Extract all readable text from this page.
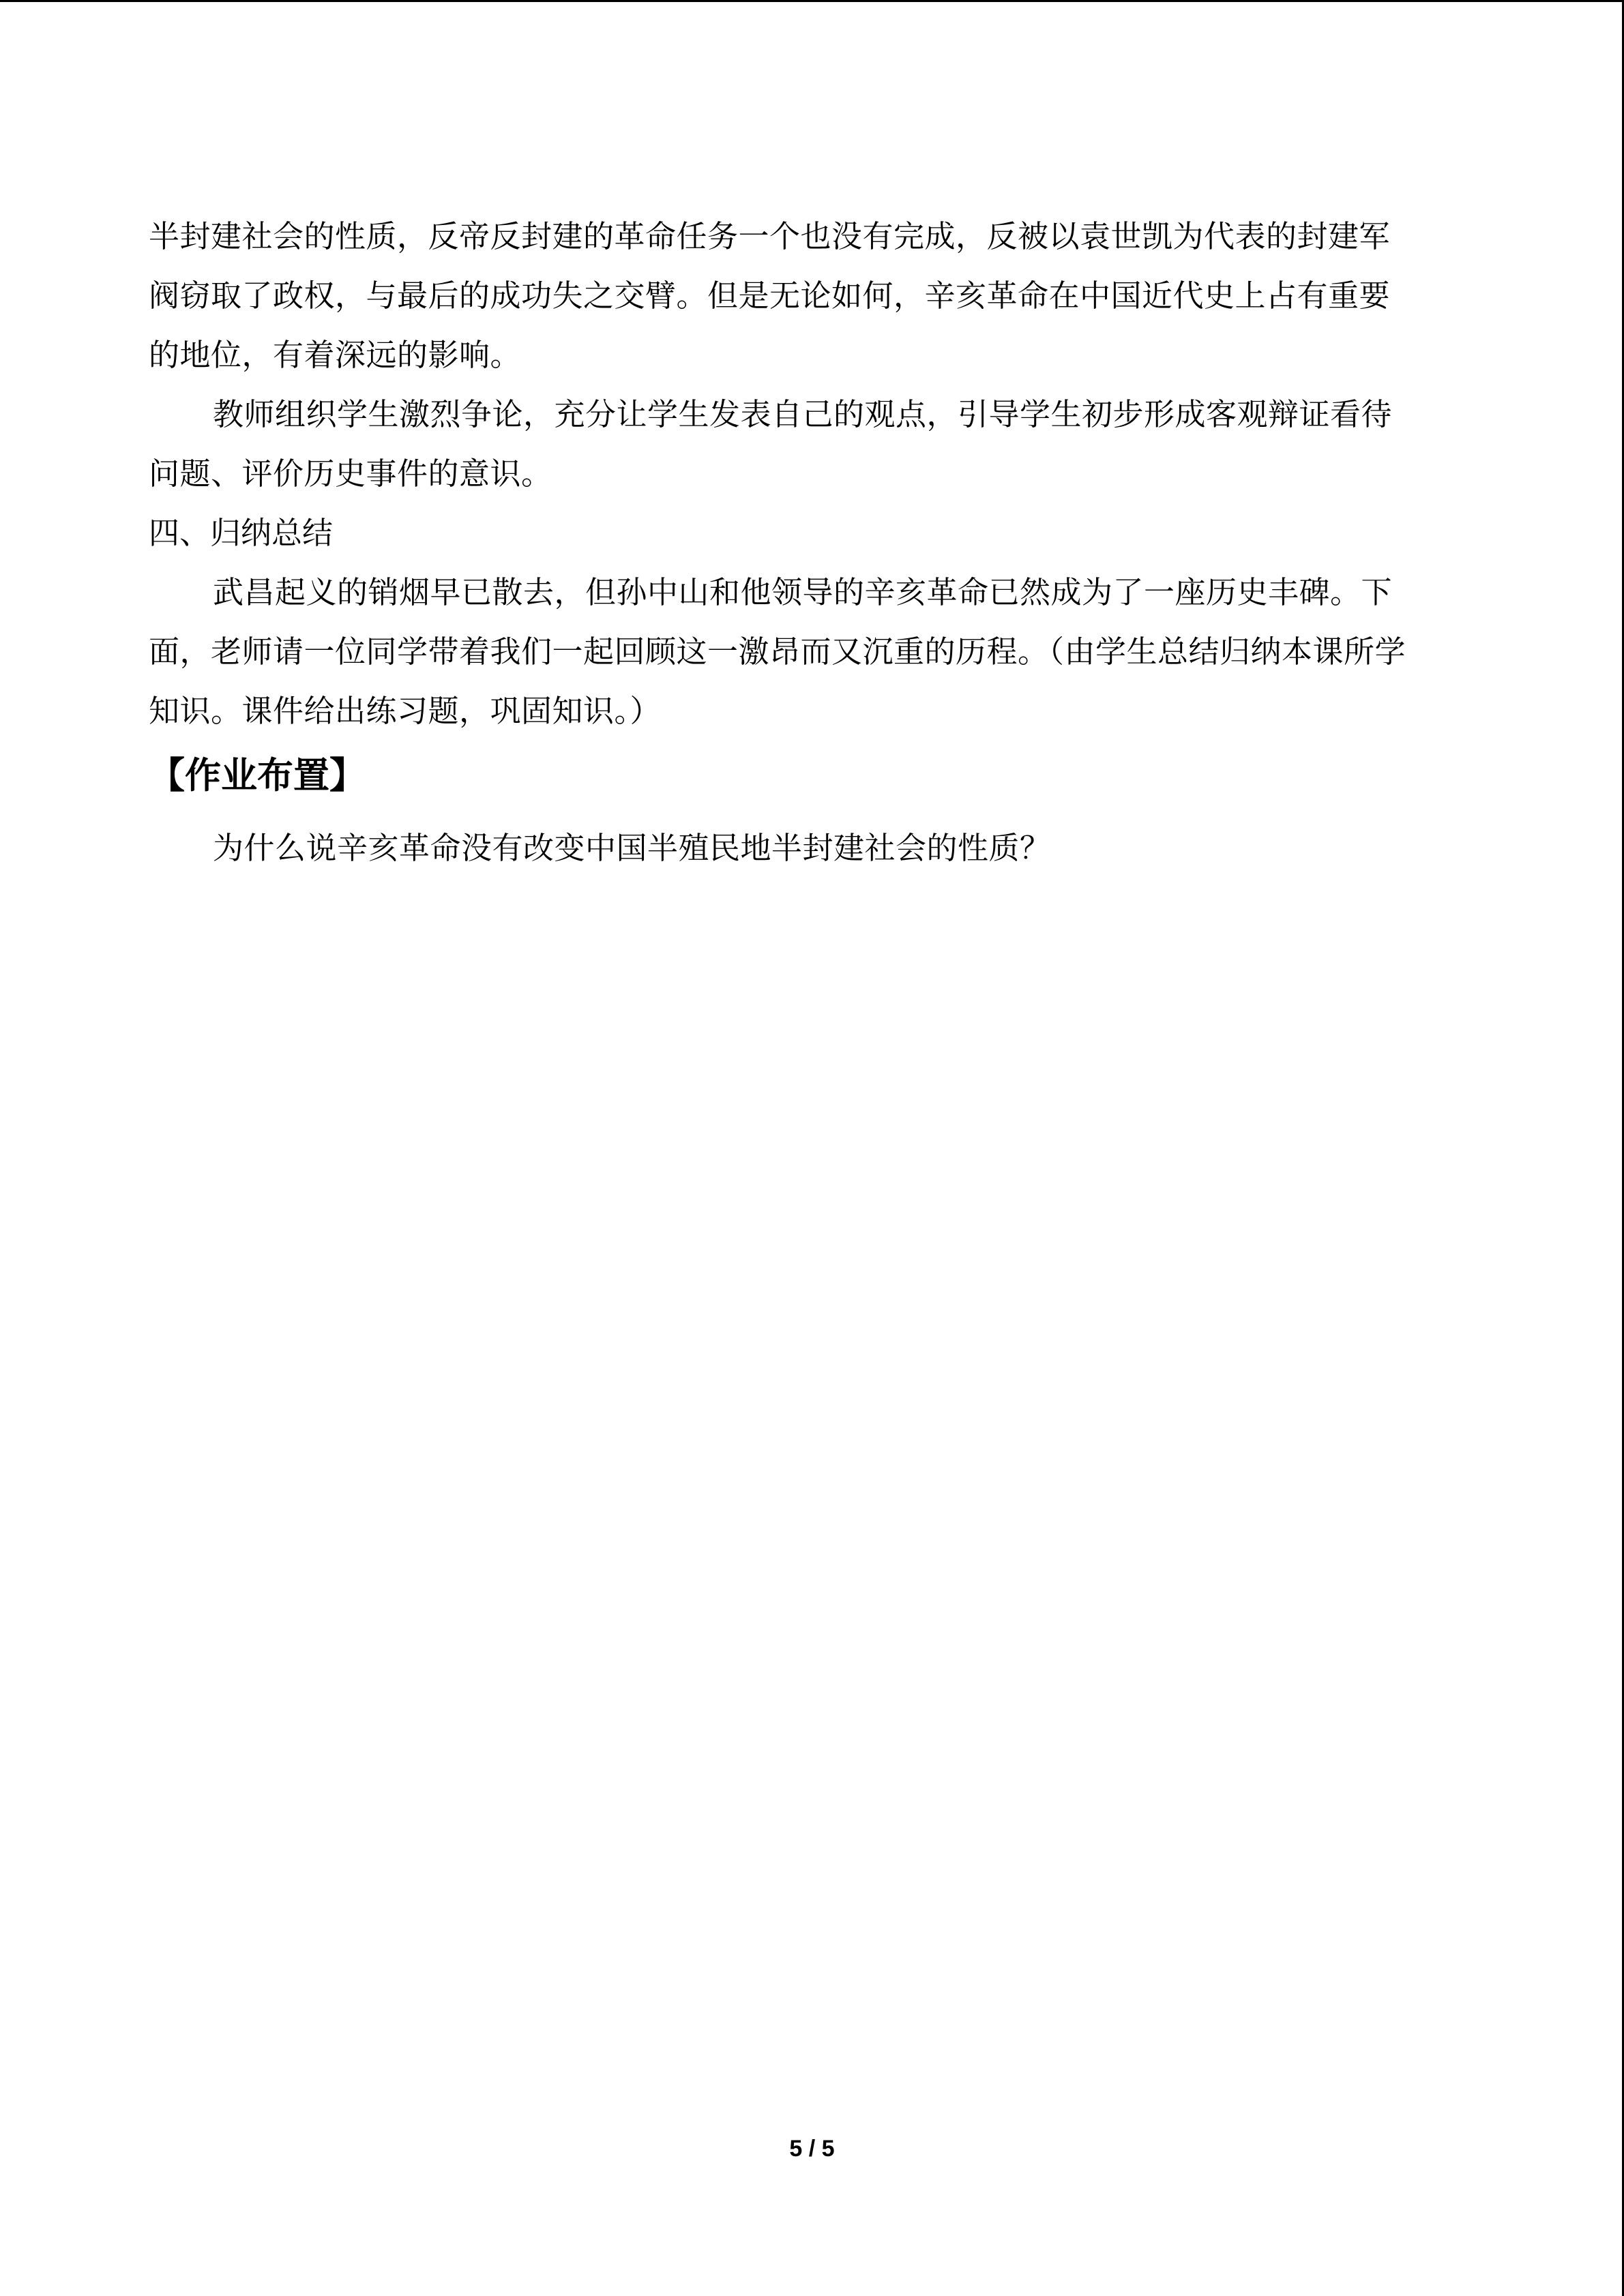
半封建社会的性质，反帝反封建的革命任务一个也没有完成，反被以袁世凯为代表的封建军
阀窃取了政权，与最后的成功失之交臂。但是无论如何，辛亥革命在中国近代史上占有重要
的地位，有着深远的影响。
教师组织学生激烈争论，充分让学生发表自己的观点，引导学生初步形成客观辩证看待
问题、评价历史事件的意识。
四、归纳总结
武昌起义的销烟早已散去，但孙中山和他领导的辛亥革命已然成为了一座历史丰碑。下
面，老师请一位同学带着我们一起回顾这一激昂而又沉重的历程。（由学生总结归纳本课所学
知识。课件给出练习题，巩固知识。）
【作业布置】
为什么说辛亥革命没有改变中国半殖民地半封建社会的性质？
5 / 5
